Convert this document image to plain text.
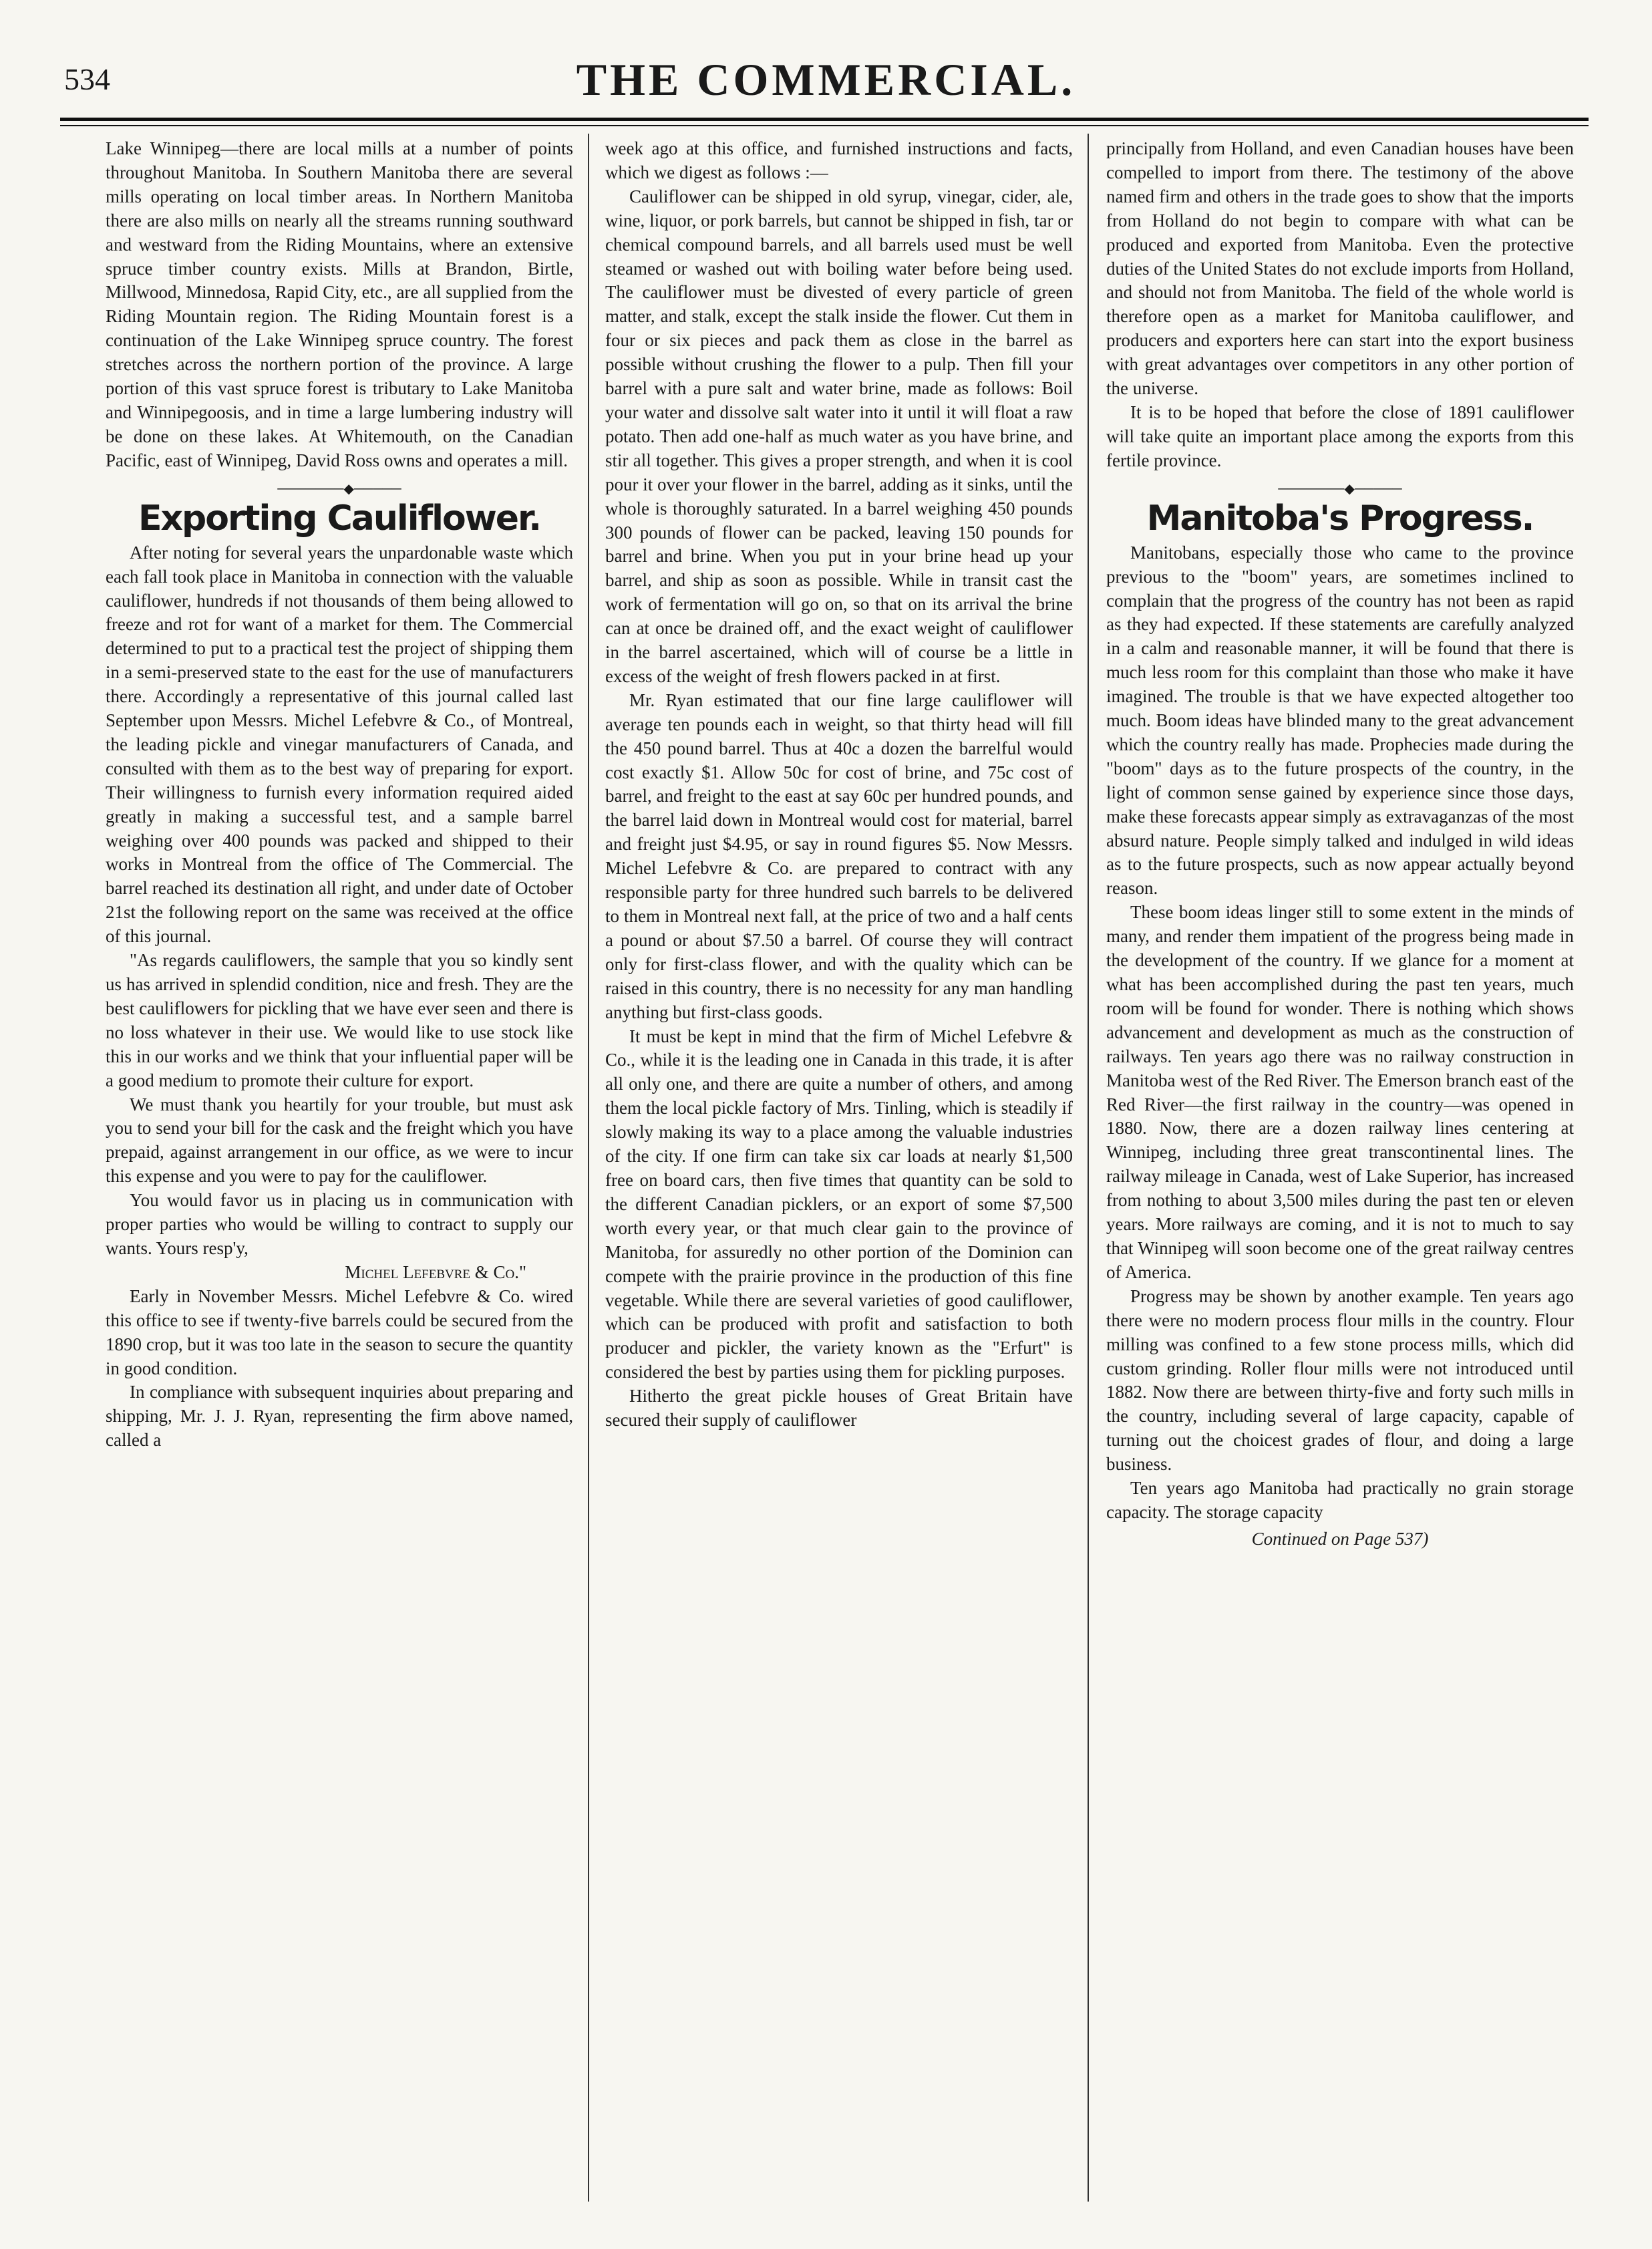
534	THE COMMERCIAL.

Lake Winnipeg—there are local mills at a number of points throughout Manitoba. In Southern Manitoba there are several mills operating on local timber areas. In Northern Manitoba there are also mills on nearly all the streams running southward and westward from the Riding Mountains, where an extensive spruce timber country exists. Mills at Brandon, Birtle, Millwood, Minnedosa, Rapid City, etc., are all supplied from the Riding Mountain region. The Riding Mountain forest is a continuation of the Lake Winnipeg spruce country. The forest stretches across the northern portion of the province. A large portion of this vast spruce forest is tributary to Lake Manitoba and Winnipegoosis, and in time a large lumbering industry will be done on these lakes. At Whitemouth, on the Canadian Pacific, east of Winnipeg, David Ross owns and operates a mill.

───────◆─────
Exporting Cauliflower.

After noting for several years the unpardonable waste which each fall took place in Manitoba in connection with the valuable cauliflower, hundreds if not thousands of them being allowed to freeze and rot for want of a market for them. The Commercial determined to put to a practical test the project of shipping them in a semi-preserved state to the east for the use of manufacturers there. Accordingly a representative of this journal called last September upon Messrs. Michel Lefebvre & Co., of Montreal, the leading pickle and vinegar manufacturers of Canada, and consulted with them as to the best way of preparing for export. Their willingness to furnish every information required aided greatly in making a successful test, and a sample barrel weighing over 400 pounds was packed and shipped to their works in Montreal from the office of The Commercial. The barrel reached its destination all right, and under date of October 21st the following report on the same was received at the office of this journal.

"As regards cauliflowers, the sample that you so kindly sent us has arrived in splendid condition, nice and fresh. They are the best cauliflowers for pickling that we have ever seen and there is no loss whatever in their use. We would like to use stock like this in our works and we think that your influential paper will be a good medium to promote their culture for export.

We must thank you heartily for your trouble, but must ask you to send your bill for the cask and the freight which you have prepaid, against arrangement in our office, as we were to incur this expense and you were to pay for the cauliflower.

You would favor us in placing us in communication with proper parties who would be willing to contract to supply our wants. Yours resp'y,

Michel Lefebvre & Co."

Early in November Messrs. Michel Lefebvre & Co. wired this office to see if twenty-five barrels could be secured from the 1890 crop, but it was too late in the season to secure the quantity in good condition.

In compliance with subsequent inquiries about preparing and shipping, Mr. J. J. Ryan, representing the firm above named, called a

week ago at this office, and furnished instructions and facts, which we digest as follows :—

Cauliflower can be shipped in old syrup, vinegar, cider, ale, wine, liquor, or pork barrels, but cannot be shipped in fish, tar or chemical compound barrels, and all barrels used must be well steamed or washed out with boiling water before being used. The cauliflower must be divested of every particle of green matter, and stalk, except the stalk inside the flower. Cut them in four or six pieces and pack them as close in the barrel as possible without crushing the flower to a pulp. Then fill your barrel with a pure salt and water brine, made as follows: Boil your water and dissolve salt water into it until it will float a raw potato. Then add one-half as much water as you have brine, and stir all together. This gives a proper strength, and when it is cool pour it over your flower in the barrel, adding as it sinks, until the whole is thoroughly saturated. In a barrel weighing 450 pounds 300 pounds of flower can be packed, leaving 150 pounds for barrel and brine. When you put in your brine head up your barrel, and ship as soon as possible. While in transit cast the work of fermentation will go on, so that on its arrival the brine can at once be drained off, and the exact weight of cauliflower in the barrel ascertained, which will of course be a little in excess of the weight of fresh flowers packed in at first.

Mr. Ryan estimated that our fine large cauliflower will average ten pounds each in weight, so that thirty head will fill the 450 pound barrel. Thus at 40c a dozen the barrelful would cost exactly $1. Allow 50c for cost of brine, and 75c cost of barrel, and freight to the east at say 60c per hundred pounds, and the barrel laid down in Montreal would cost for material, barrel and freight just $4.95, or say in round figures $5. Now Messrs. Michel Lefebvre & Co. are prepared to contract with any responsible party for three hundred such barrels to be delivered to them in Montreal next fall, at the price of two and a half cents a pound or about $7.50 a barrel. Of course they will contract only for first-class flower, and with the quality which can be raised in this country, there is no necessity for any man handling anything but first-class goods.

It must be kept in mind that the firm of Michel Lefebvre & Co., while it is the leading one in Canada in this trade, it is after all only one, and there are quite a number of others, and among them the local pickle factory of Mrs. Tinling, which is steadily if slowly making its way to a place among the valuable industries of the city. If one firm can take six car loads at nearly $1,500 free on board cars, then five times that quantity can be sold to the different Canadian picklers, or an export of some $7,500 worth every year, or that much clear gain to the province of Manitoba, for assuredly no other portion of the Dominion can compete with the prairie province in the production of this fine vegetable. While there are several varieties of good cauliflower, which can be produced with profit and satisfaction to both producer and pickler, the variety known as the "Erfurt" is considered the best by parties using them for pickling purposes.

Hitherto the great pickle houses of Great Britain have secured their supply of cauliflower

principally from Holland, and even Canadian houses have been compelled to import from there. The testimony of the above named firm and others in the trade goes to show that the imports from Holland do not begin to compare with what can be produced and exported from Manitoba. Even the protective duties of the United States do not exclude imports from Holland, and should not from Manitoba. The field of the whole world is therefore open as a market for Manitoba cauliflower, and producers and exporters here can start into the export business with great advantages over competitors in any other portion of the universe.

It is to be hoped that before the close of 1891 cauliflower will take quite an important place among the exports from this fertile province.

───────◆─────
Manitoba's Progress.

Manitobans, especially those who came to the province previous to the "boom" years, are sometimes inclined to complain that the progress of the country has not been as rapid as they had expected. If these statements are carefully analyzed in a calm and reasonable manner, it will be found that there is much less room for this complaint than those who make it have imagined. The trouble is that we have expected altogether too much. Boom ideas have blinded many to the great advancement which the country really has made. Prophecies made during the "boom" days as to the future prospects of the country, in the light of common sense gained by experience since those days, make these forecasts appear simply as extravaganzas of the most absurd nature. People simply talked and indulged in wild ideas as to the future prospects, such as now appear actually beyond reason.

These boom ideas linger still to some extent in the minds of many, and render them impatient of the progress being made in the development of the country. If we glance for a moment at what has been accomplished during the past ten years, much room will be found for wonder. There is nothing which shows advancement and development as much as the construction of railways. Ten years ago there was no railway construction in Manitoba west of the Red River. The Emerson branch east of the Red River—the first railway in the country—was opened in 1880. Now, there are a dozen railway lines centering at Winnipeg, including three great transcontinental lines. The railway mileage in Canada, west of Lake Superior, has increased from nothing to about 3,500 miles during the past ten or eleven years. More railways are coming, and it is not to much to say that Winnipeg will soon become one of the great railway centres of America.

Progress may be shown by another example. Ten years ago there were no modern process flour mills in the country. Flour milling was confined to a few stone process mills, which did custom grinding. Roller flour mills were not introduced until 1882. Now there are between thirty-five and forty such mills in the country, including several of large capacity, capable of turning out the choicest grades of flour, and doing a large business.

Ten years ago Manitoba had practically no grain storage capacity. The storage capacity

Continued on Page 537)
